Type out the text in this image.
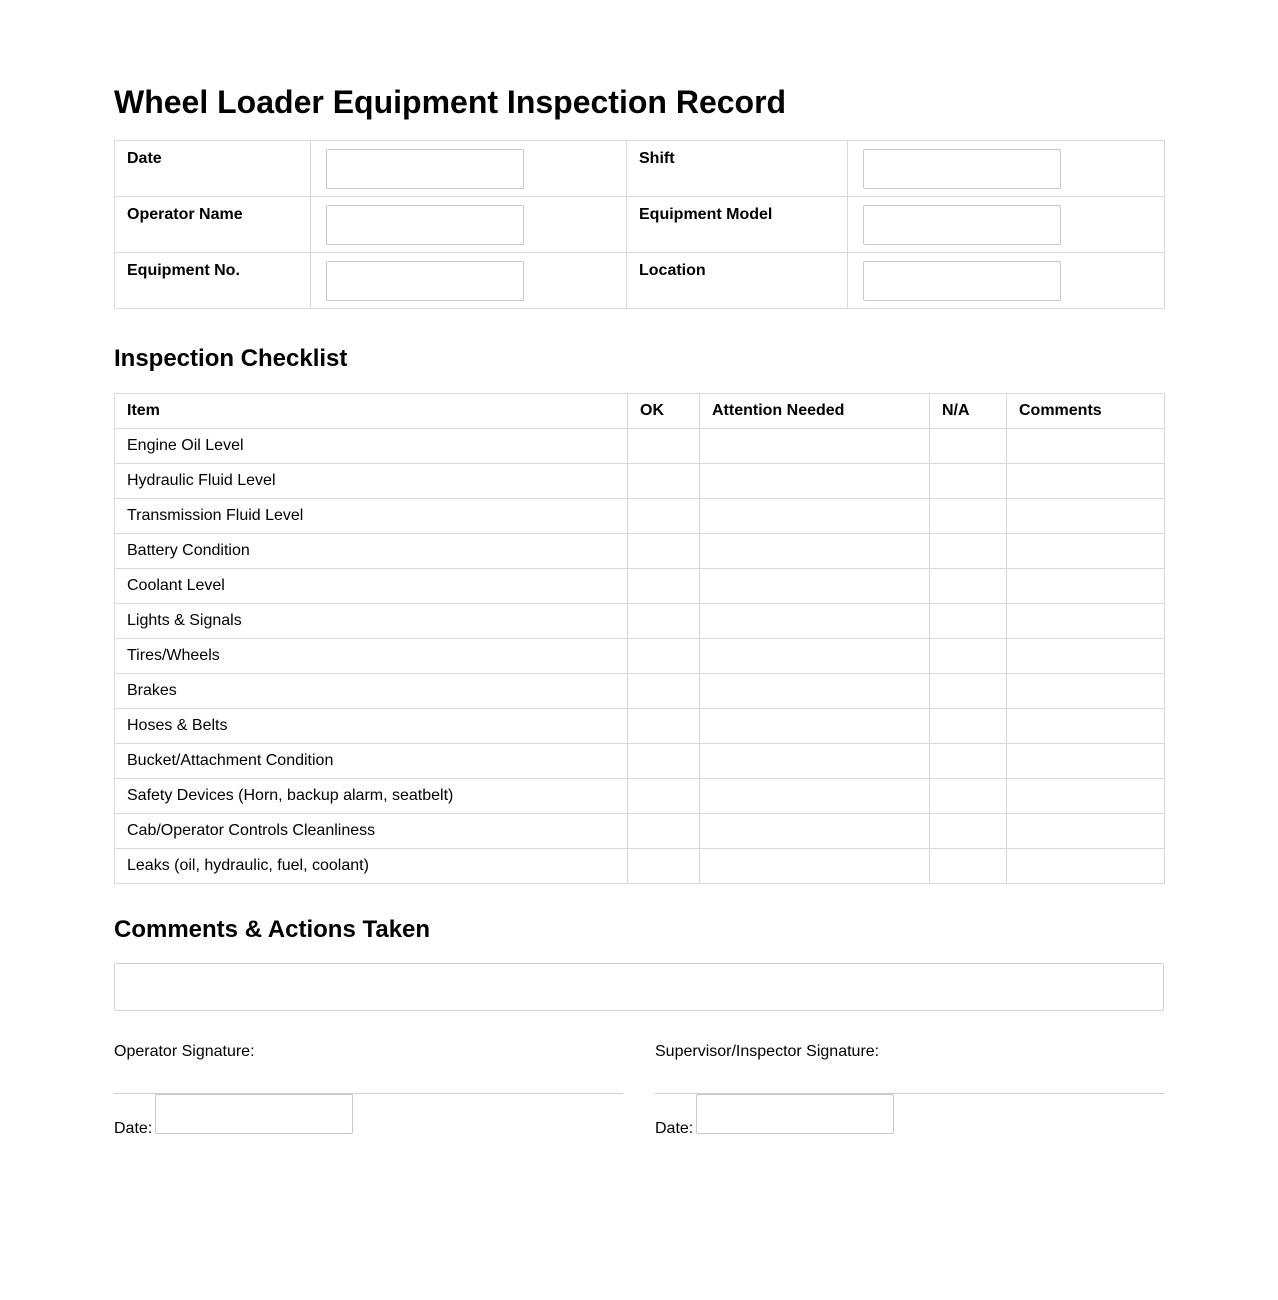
Wheel Loader Equipment Inspection Record
Date		Shift	

Operator Name		Equipment Model	

Equipment No.		Location	
Inspection Checklist
Item	OK	Attention Needed	N/A	Comments
Engine Oil Level				
Hydraulic Fluid Level				
Transmission Fluid Level				
Battery Condition				
Coolant Level				
Lights & Signals				
Tires/Wheels				
Brakes				
Hoses & Belts				
Bucket/Attachment Condition				
Safety Devices (Horn, backup alarm, seatbelt)				
Cab/Operator Controls Cleanliness				
Leaks (oil, hydraulic, fuel, coolant)				
Comments & Actions Taken
Operator Signature:
Date:
Supervisor/Inspector Signature:
Date:
